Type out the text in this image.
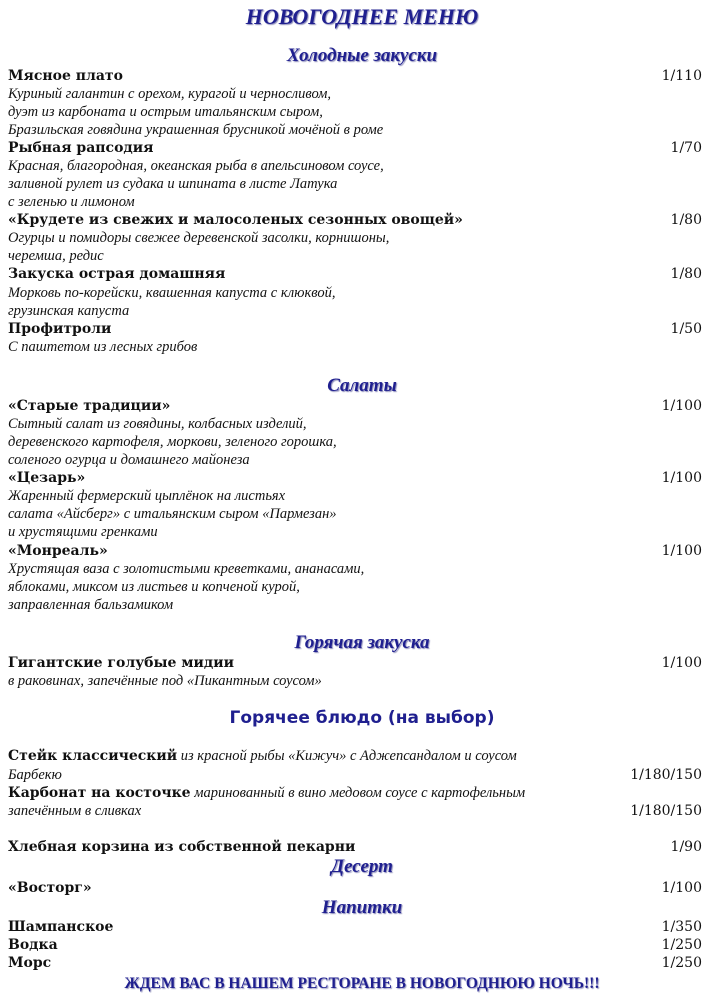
НОВОГОДНЕЕ МЕНЮ
Холодные закуски
Мясное плато	1/110
Куриный галантин с орехом, курагой и черносливом,
дуэт из карбоната и острым итальянским сыром,
Бразильская говядина украшенная брусникой мочёной в роме
Рыбная рапсодия	1/70
Красная, благородная, океанская рыба в апельсиновом соусе,
заливной рулет из судака и шпината в листе Латука
с зеленью и лимоном
«Крудете из свежих и малосоленых сезонных овощей»	1/80
Огурцы и помидоры свежее деревенской засолки, корнишоны,
черемша, редис
Закуска острая домашняя	1/80
Морковь по-корейски, квашенная капуста с клюквой,
грузинская капуста
Профитроли	1/50
С паштетом из лесных грибов
Салаты
«Старые традиции»	1/100
Сытный салат из говядины, колбасных изделий,
деревенского картофеля, моркови, зеленого горошка,
соленого огурца и домашнего майонеза
«Цезарь»	1/100
Жаренный фермерский цыплёнок на листьях
салата «Айсберг» с итальянским сыром «Пармезан»
и хрустящими гренками
«Монреаль»	1/100
Хрустящая ваза с золотистыми креветками, ананасами,
яблоками, миксом из листьев и копченой курой,
заправленная бальзамиком
Горячая закуска
Гигантские голубые мидии	1/100
в раковинах, запечённые под «Пикантным соусом»
Горячее блюдо (на выбор)
Стейк классический из красной рыбы «Кижуч» с Аджепсандалом и соусом
Барбекю	1/180/150
Карбонат на косточке маринованный в вино медовом соусе с картофельным
запечённым в сливках	1/180/150
Хлебная корзина из собственной пекарни	1/90
Десерт
«Восторг»	1/100
Напитки
Шампанское	1/350
Водка	1/250
Морс	1/250
ЖДЕМ ВАС В НАШЕМ РЕСТОРАНЕ В НОВОГОДНЮЮ НОЧЬ!!!
